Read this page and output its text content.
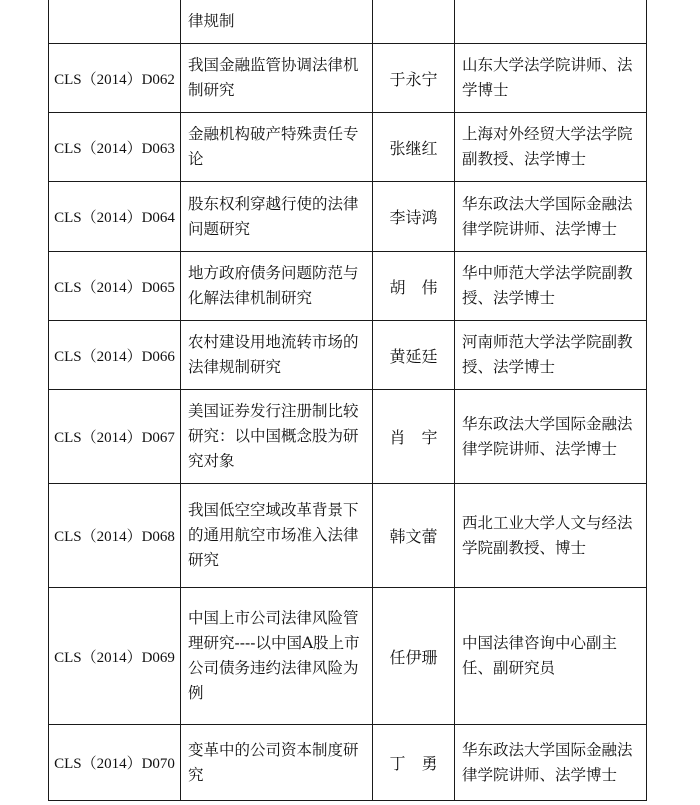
	律规制		
CLS（2014）D062	我国金融监管协调法律机制研究	于永宁	山东大学法学院讲师、法学博士
CLS（2014）D063	金融机构破产特殊责任专论	张继红	上海对外经贸大学法学院副教授、法学博士
CLS（2014）D064	股东权利穿越行使的法律问题研究	李诗鸿	华东政法大学国际金融法律学院讲师、法学博士
CLS（2014）D065	地方政府债务问题防范与化解法律机制研究	胡　伟	华中师范大学法学院副教授、法学博士
CLS（2014）D066	农村建设用地流转市场的法律规制研究	黄延廷	河南师范大学法学院副教授、法学博士
CLS（2014）D067	美国证券发行注册制比较研究：以中国概念股为研究对象	肖　宇	华东政法大学国际金融法律学院讲师、法学博士
CLS（2014）D068	我国低空空域改革背景下的通用航空市场准入法律研究	韩文蕾	西北工业大学人文与经法学院副教授、博士
CLS（2014）D069	中国上市公司法律风险管理研究----以中国A股上市公司债务违约法律风险为例	任伊珊	中国法律咨询中心副主任、副研究员
CLS（2014）D070	变革中的公司资本制度研究	丁　勇	华东政法大学国际金融法律学院讲师、法学博士
